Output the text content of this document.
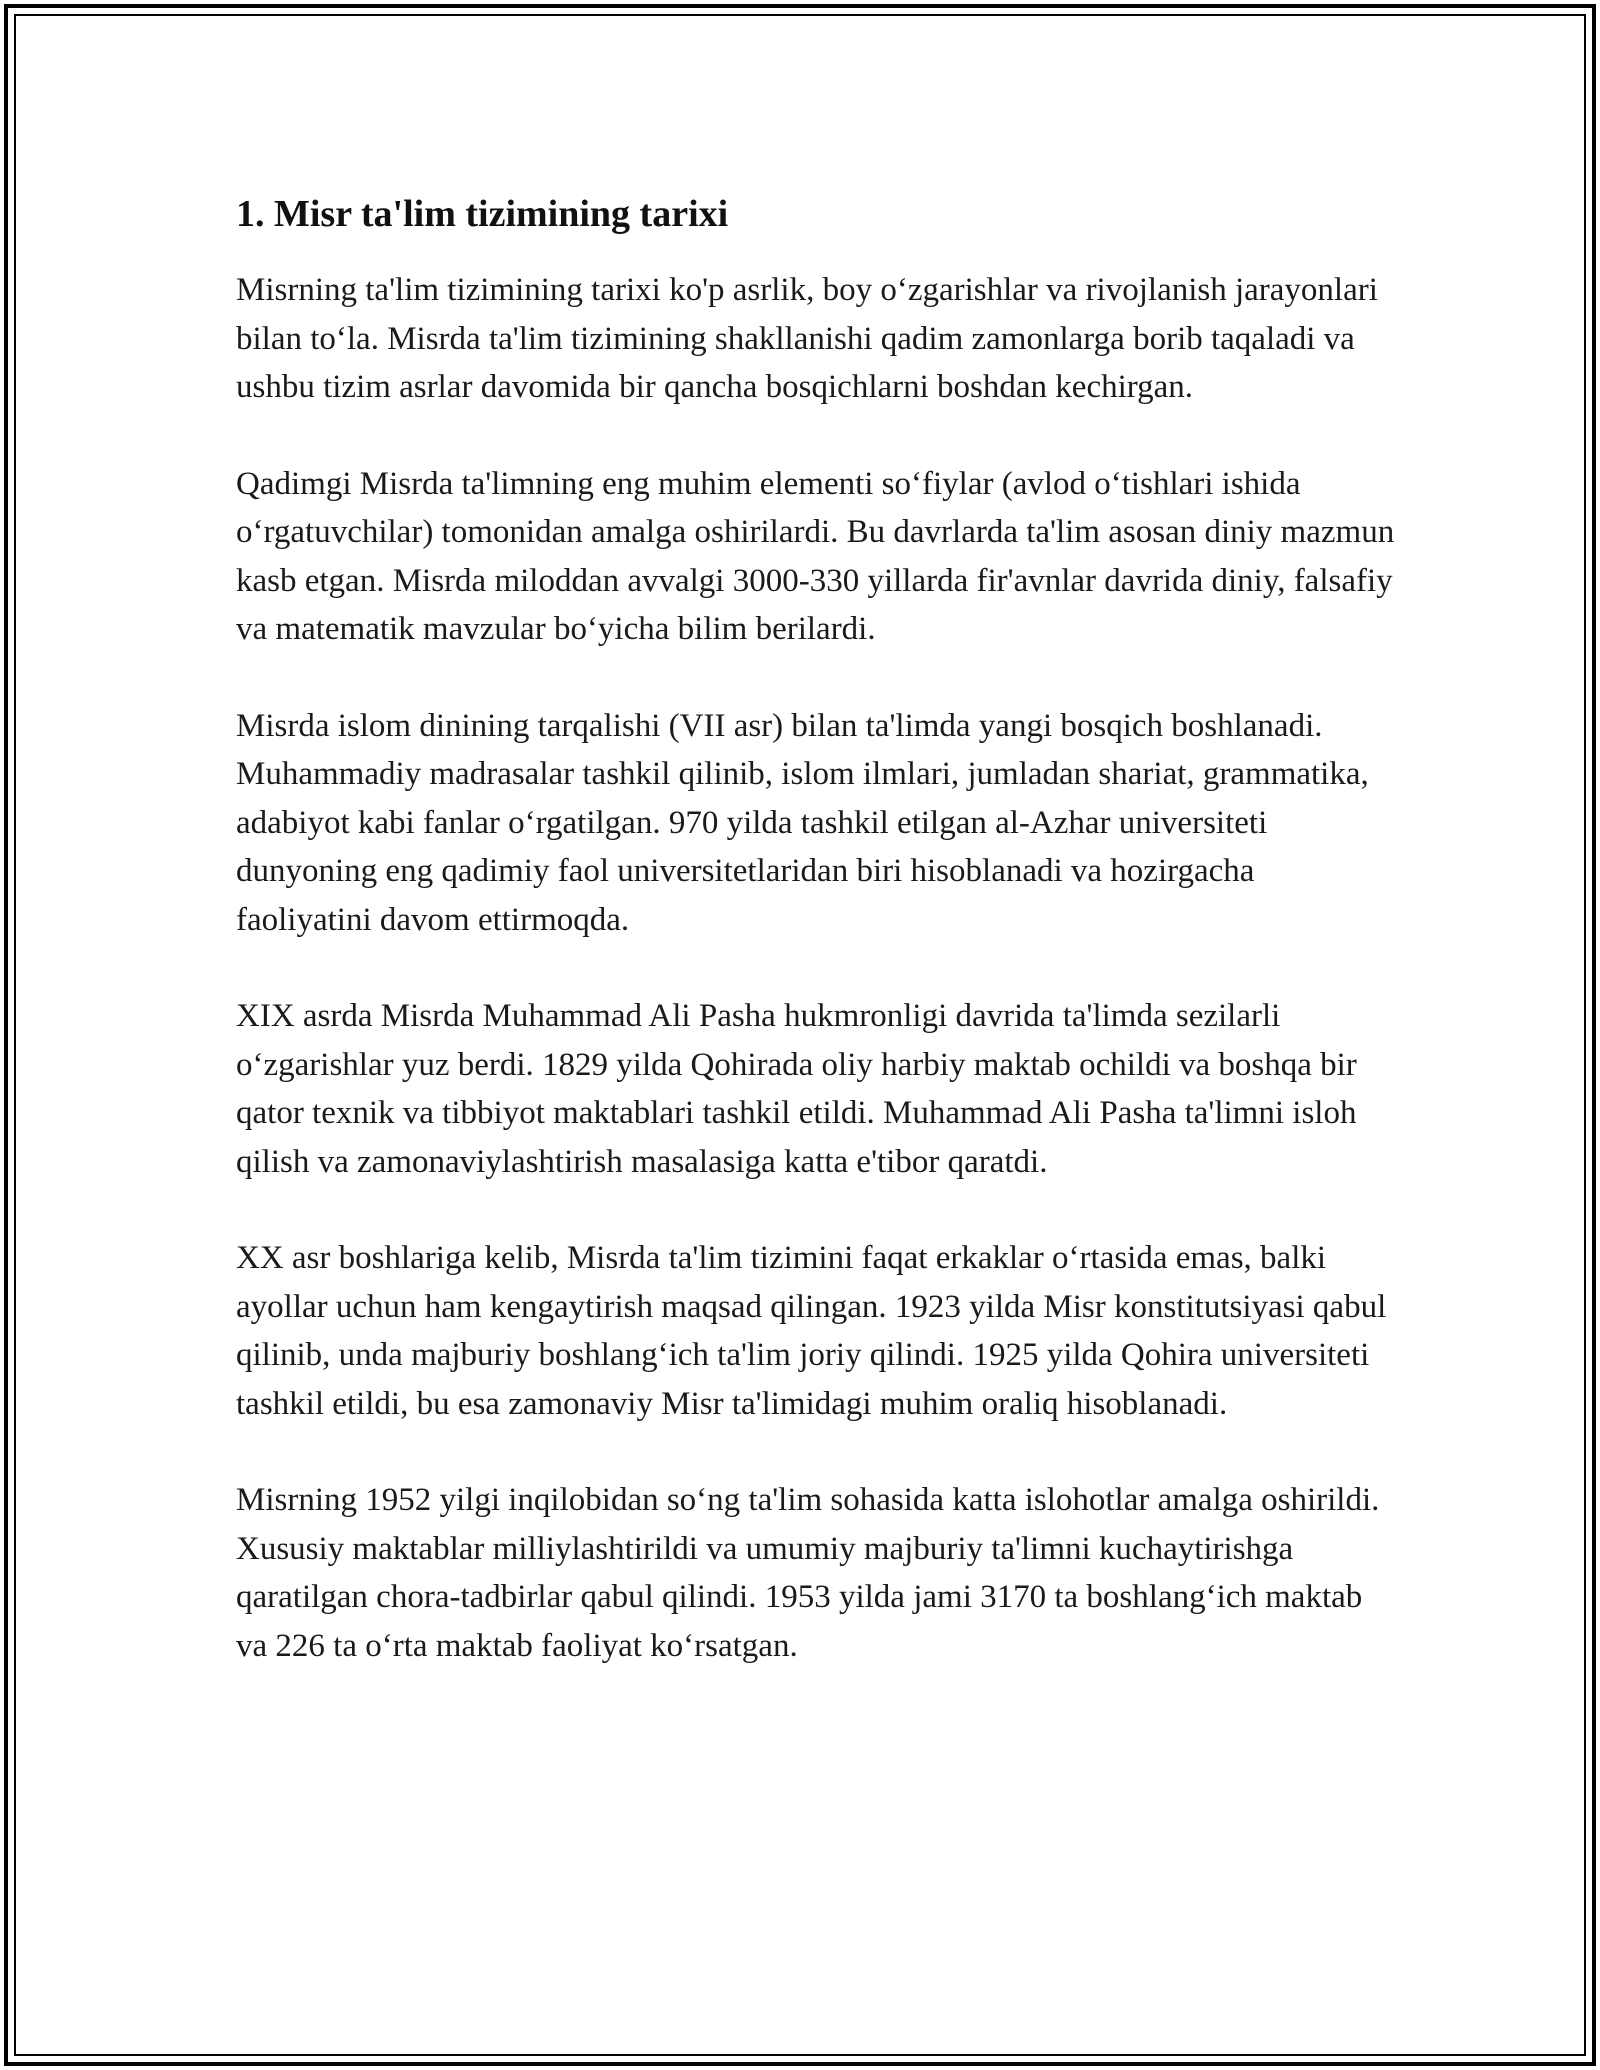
1. Misr ta'lim tizimining tarixi

Misrning ta'lim tizimining tarixi ko'p asrlik, boy o‘zgarishlar va rivojlanish jarayonlari bilan to‘la. Misrda ta'lim tizimining shakllanishi qadim zamonlarga borib taqaladi va ushbu tizim asrlar davomida bir qancha bosqichlarni boshdan kechirgan.

Qadimgi Misrda ta'limning eng muhim elementi so‘fiylar (avlod o‘tishlari ishida o‘rgatuvchilar) tomonidan amalga oshirilardi. Bu davrlarda ta'lim asosan diniy mazmun kasb etgan. Misrda miloddan avvalgi 3000-330 yillarda fir'avnlar davrida diniy, falsafiy va matematik mavzular bo‘yicha bilim berilardi.

Misrda islom dinining tarqalishi (VII asr) bilan ta'limda yangi bosqich boshlanadi. Muhammadiy madrasalar tashkil qilinib, islom ilmlari, jumladan shariat, grammatika, adabiyot kabi fanlar o‘rgatilgan. 970 yilda tashkil etilgan al-Azhar universiteti dunyoning eng qadimiy faol universitetlaridan biri hisoblanadi va hozirgacha faoliyatini davom ettirmoqda.

XIX asrda Misrda Muhammad Ali Pasha hukmronligi davrida ta'limda sezilarli o‘zgarishlar yuz berdi. 1829 yilda Qohirada oliy harbiy maktab ochildi va boshqa bir qator texnik va tibbiyot maktablari tashkil etildi. Muhammad Ali Pasha ta'limni isloh qilish va zamonaviylashtirish masalasiga katta e'tibor qaratdi.

XX asr boshlariga kelib, Misrda ta'lim tizimini faqat erkaklar o‘rtasida emas, balki ayollar uchun ham kengaytirish maqsad qilingan. 1923 yilda Misr konstitutsiyasi qabul qilinib, unda majburiy boshlang‘ich ta'lim joriy qilindi. 1925 yilda Qohira universiteti tashkil etildi, bu esa zamonaviy Misr ta'limidagi muhim oraliq hisoblanadi.

Misrning 1952 yilgi inqilobidan so‘ng ta'lim sohasida katta islohotlar amalga oshirildi. Xususiy maktablar milliylashtirildi va umumiy majburiy ta'limni kuchaytirishga qaratilgan chora-tadbirlar qabul qilindi. 1953 yilda jami 3170 ta boshlang‘ich maktab va 226 ta o‘rta maktab faoliyat ko‘rsatgan.
